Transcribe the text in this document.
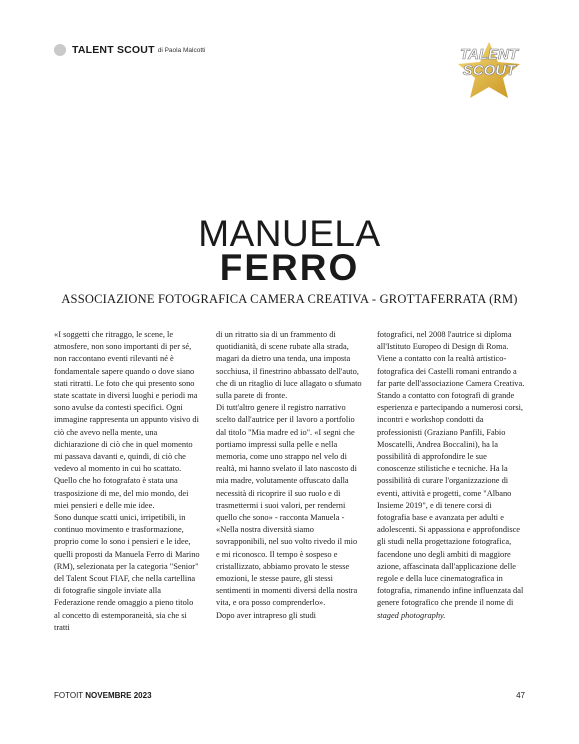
TALENT SCOUT di Paola Malcotti	TALENT
SCOUT
MANUELA
FERRO
ASSOCIAZIONE FOTOGRAFICA CAMERA CREATIVA - GROTTAFERRATA (RM)

«I soggetti che ritraggo, le scene, le atmosfere, non sono importanti di per sé, non raccontano eventi rilevanti né è fondamentale sapere quando o dove siano stati ritratti. Le foto che qui presento sono state scattate in diversi luoghi e periodi ma sono avulse da contesti specifici. Ogni immagine rappresenta un appunto visivo di ciò che avevo nella mente, una dichiarazione di ciò che in quel momento mi passava davanti e, quindi, di ciò che vedevo al momento in cui ho scattato. Quello che ho fotografato è stata una trasposizione di me, del mio mondo, dei miei pensieri e delle mie idee.

Sono dunque scatti unici, irripetibili, in continuo movimento e trasformazione, proprio come lo sono i pensieri e le idee, quelli proposti da Manuela Ferro di Marino (RM), selezionata per la categoria "Senior" del Talent Scout FIAF, che nella cartellina di fotografie singole inviate alla Federazione rende omaggio a pieno titolo al concetto di estemporaneità, sia che si tratti

di un ritratto sia di un frammento di quotidianità, di scene rubate alla strada, magari da dietro una tenda, una imposta socchiusa, il finestrino abbassato dell'auto, che di un ritaglio di luce allagato o sfumato sulla parete di fronte.

Di tutt'altro genere il registro narrativo scelto dall'autrice per il lavoro a portfolio dal titolo "Mia madre ed io". «I segni che portiamo impressi sulla pelle e nella memoria, come uno strappo nel velo di realtà, mi hanno svelato il lato nascosto di mia madre, volutamente offuscato dalla necessità di ricoprire il suo ruolo e di trasmettermi i suoi valori, per renderni quello che sono» - racconta Manuela - «Nella nostra diversità siamo sovrapponibili, nel suo volto rivedo il mio e mi riconosco. Il tempo è sospeso e cristallizzato, abbiamo provato le stesse emozioni, le stesse paure, gli stessi sentimenti in momenti diversi della nostra vita, e ora posso comprenderlo».

Dopo aver intrapreso gli studi

fotografici, nel 2008 l'autrice si diploma all'Istituto Europeo di Design di Roma. Viene a contatto con la realtà artistico-fotografica dei Castelli romani entrando a far parte dell'associazione Camera Creativa. Stando a contatto con fotografi di grande esperienza e partecipando a numerosi corsi, incontri e workshop condotti da professionisti (Graziano Panfili, Fabio Moscatelli, Andrea Boccalini), ha la possibilità di approfondire le sue conoscenze stilistiche e tecniche. Ha la possibilità di curare l'organizzazione di eventi, attività e progetti, come "Albano Insieme 2019", e di tenere corsi di fotografia base e avanzata per adulti e adolescenti. Si appassiona e approfondisce gli studi nella progettazione fotografica, facendone uno degli ambiti di maggiore azione, affascinata dall'applicazione delle regole e della luce cinematografica in fotografia, rimanendo infine influenzata dal genere fotografico che prende il nome di staged photography.

FOTOIT NOVEMBRE 2023	47
